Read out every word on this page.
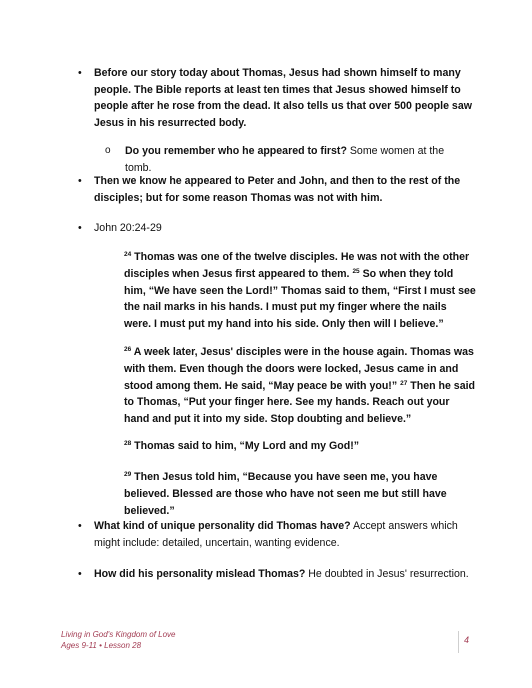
• Before our story today about Thomas, Jesus had shown himself to many people. The Bible reports at least ten times that Jesus showed himself to people after he rose from the dead. It also tells us that over 500 people saw Jesus in his resurrected body.
o Do you remember who he appeared to first? Some women at the tomb.
• Then we know he appeared to Peter and John, and then to the rest of the disciples; but for some reason Thomas was not with him.
• John 20:24-29
$^{24}$ Thomas was one of the twelve disciples. He was not with the other disciples when Jesus first appeared to them. $^{25}$ So when they told him, “We have seen the Lord!” Thomas said to them, “First I must see the nail marks in his hands. I must put my finger where the nails were. I must put my hand into his side. Only then will I believe.”
$^{26}$ A week later, Jesus' disciples were in the house again. Thomas was with them. Even though the doors were locked, Jesus came in and stood among them. He said, “May peace be with you!” $^{27}$ Then he said to Thomas, “Put your finger here. See my hands. Reach out your hand and put it into my side. Stop doubting and believe.”
$^{28}$ Thomas said to him, “My Lord and my God!”
$^{29}$ Then Jesus told him, “Because you have seen me, you have believed. Blessed are those who have not seen me but still have believed.”
• What kind of unique personality did Thomas have? Accept answers which might include: detailed, uncertain, wanting evidence.
• How did his personality mislead Thomas? He doubted in Jesus' resurrection.
Living in God's Kingdom of Love
Ages 9-11 • Lesson 28
4
